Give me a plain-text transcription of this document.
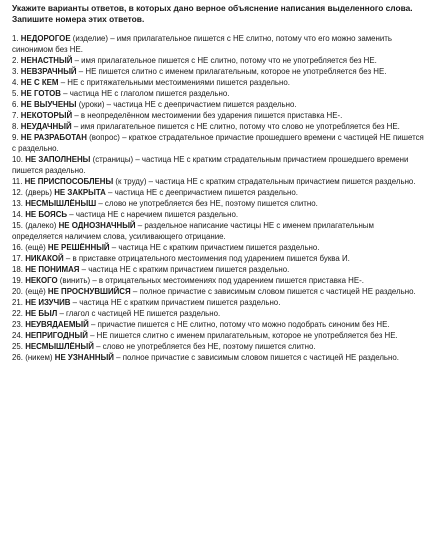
Укажите варианты ответов, в которых дано верное объяснение написания выделенного слова. Запишите номера этих ответов.

1. НЕДОРОГОЕ (изделие) – имя прилагательное пишется с НЕ слитно, потому что его можно заменить синонимом без НЕ.

2. НЕНАСТНЫЙ – имя прилагательное пишется с НЕ слитно, потому что не употребляется без НЕ.

3. НЕВЗРАЧНЫЙ – НЕ пишется слитно с именем прилагательным, которое не употребляется без НЕ.

4. НЕ С КЕМ – НЕ с притяжательными местоимениями пишется раздельно.

5. НЕ ГОТОВ – частица НЕ с глаголом пишется раздельно.

6. НЕ ВЫУЧЕНЫ (уроки) – частица НЕ с деепричастием пишется раздельно.

7. НЕКОТОРЫЙ – в неопределённом местоимении без ударения пишется приставка НЕ-.

8. НЕУДАЧНЫЙ – имя прилагательное пишется с НЕ слитно, потому что слово не употребляется без НЕ.

9. НЕ РАЗРАБОТАН (вопрос) – краткое страдательное причастие прошедшего времени с частицей НЕ пишется с раздельно.

10. НЕ ЗАПОЛНЕНЫ (страницы) – частица НЕ с кратким страдательным причастием прошедшего времени пишется раздельно.

11. НЕ ПРИСПОСОБЛЕНЫ (к труду) – частица НЕ с кратким страдательным причастием пишется раздельно.

12. (дверь) НЕ ЗАКРЫТА – частица НЕ с деепричастием пишется раздельно.

13. НЕСМЫШЛЁНЫШ – слово не употребляется без НЕ, поэтому пишется слитно.

14. НЕ БОЯСЬ – частица НЕ с наречием пишется раздельно.

15. (далеко) НЕ ОДНОЗНАЧНЫЙ – раздельное написание частицы НЕ с именем прилагательным определяется наличием слова, усиливающего отрицание.

16. (ещё) НЕ РЕШЁННЫЙ – частица НЕ с кратким причастием пишется раздельно.

17. НИКАКОЙ – в приставке отрицательного местоимения под ударением пишется буква И.

18. НЕ ПОНИМАЯ – частица НЕ с кратким причастием пишется раздельно.

19. НЕКОГО (винить) – в отрицательных местоимениях под ударением пишется приставка НЕ-.

20. (ещё) НЕ ПРОСНУВШИЙСЯ – полное причастие с зависимым словом пишется с частицей НЕ раздельно.

21. НЕ ИЗУЧИВ – частица НЕ с кратким причастием пишется раздельно.

22. НЕ БЫЛ – глагол с частицей НЕ пишется раздельно.

23. НЕУВЯДАЕМЫЙ – причастие пишется с НЕ слитно, потому что можно подобрать синоним без НЕ.

24. НЕПРИГОДНЫЙ – НЕ пишется слитно с именем прилагательным, которое не употребляется без НЕ.

25. НЕСМЫШЛЁНЫЙ – слово не употребляется без НЕ, поэтому пишется слитно.

26. (никем) НЕ УЗНАННЫЙ – полное причастие с зависимым словом пишется с частицей НЕ раздельно.
